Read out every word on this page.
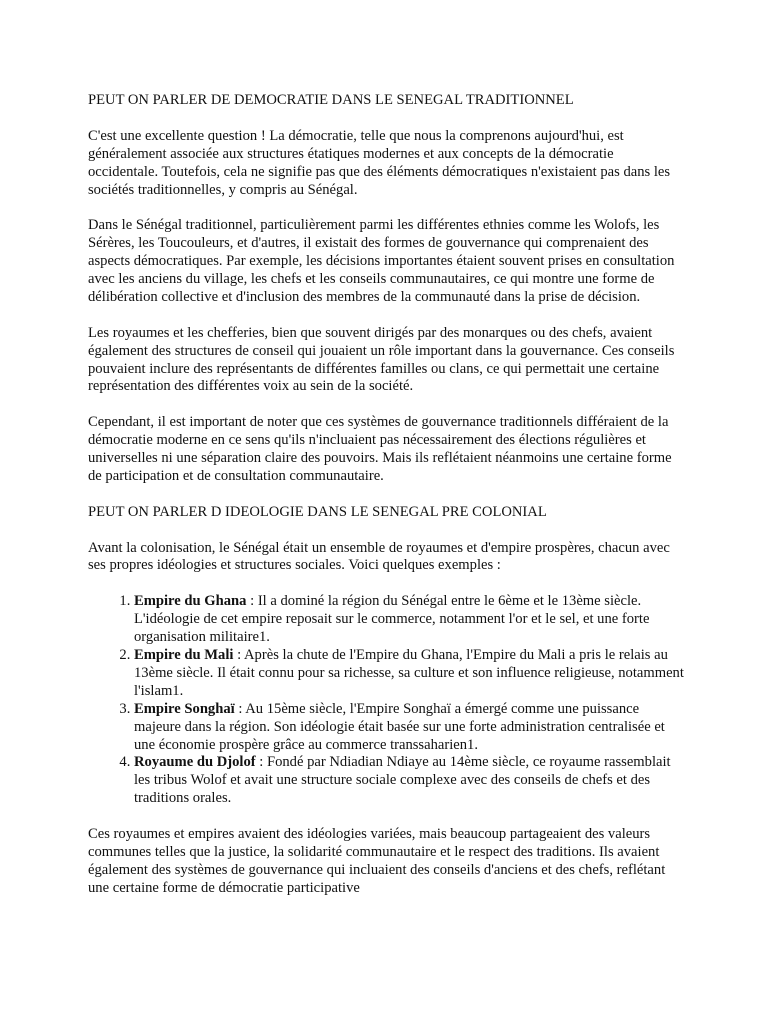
PEUT ON PARLER DE DEMOCRATIE DANS LE SENEGAL TRADITIONNEL

C'est une excellente question ! La démocratie, telle que nous la comprenons aujourd'hui, est généralement associée aux structures étatiques modernes et aux concepts de la démocratie occidentale. Toutefois, cela ne signifie pas que des éléments démocratiques n'existaient pas dans les sociétés traditionnelles, y compris au Sénégal.

Dans le Sénégal traditionnel, particulièrement parmi les différentes ethnies comme les Wolofs, les Sérères, les Toucouleurs, et d'autres, il existait des formes de gouvernance qui comprenaient des aspects démocratiques. Par exemple, les décisions importantes étaient souvent prises en consultation avec les anciens du village, les chefs et les conseils communautaires, ce qui montre une forme de délibération collective et d'inclusion des membres de la communauté dans la prise de décision.

Les royaumes et les chefferies, bien que souvent dirigés par des monarques ou des chefs, avaient également des structures de conseil qui jouaient un rôle important dans la gouvernance. Ces conseils pouvaient inclure des représentants de différentes familles ou clans, ce qui permettait une certaine représentation des différentes voix au sein de la société.

Cependant, il est important de noter que ces systèmes de gouvernance traditionnels différaient de la démocratie moderne en ce sens qu'ils n'incluaient pas nécessairement des élections régulières et universelles ni une séparation claire des pouvoirs. Mais ils reflétaient néanmoins une certaine forme de participation et de consultation communautaire.

PEUT ON PARLER D IDEOLOGIE DANS LE SENEGAL PRE COLONIAL

Avant la colonisation, le Sénégal était un ensemble de royaumes et d'empire prospères, chacun avec ses propres idéologies et structures sociales. Voici quelques exemples :

1. Empire du Ghana : Il a dominé la région du Sénégal entre le 6ème et le 13ème siècle. L'idéologie de cet empire reposait sur le commerce, notamment l'or et le sel, et une forte organisation militaire1.
2. Empire du Mali : Après la chute de l'Empire du Ghana, l'Empire du Mali a pris le relais au 13ème siècle. Il était connu pour sa richesse, sa culture et son influence religieuse, notamment l'islam1.
3. Empire Songhaï : Au 15ème siècle, l'Empire Songhaï a émergé comme une puissance majeure dans la région. Son idéologie était basée sur une forte administration centralisée et une économie prospère grâce au commerce transsaharien1.
4. Royaume du Djolof : Fondé par Ndiadian Ndiaye au 14ème siècle, ce royaume rassemblait les tribus Wolof et avait une structure sociale complexe avec des conseils de chefs et des traditions orales.

Ces royaumes et empires avaient des idéologies variées, mais beaucoup partageaient des valeurs communes telles que la justice, la solidarité communautaire et le respect des traditions. Ils avaient également des systèmes de gouvernance qui incluaient des conseils d'anciens et des chefs, reflétant une certaine forme de démocratie participative
